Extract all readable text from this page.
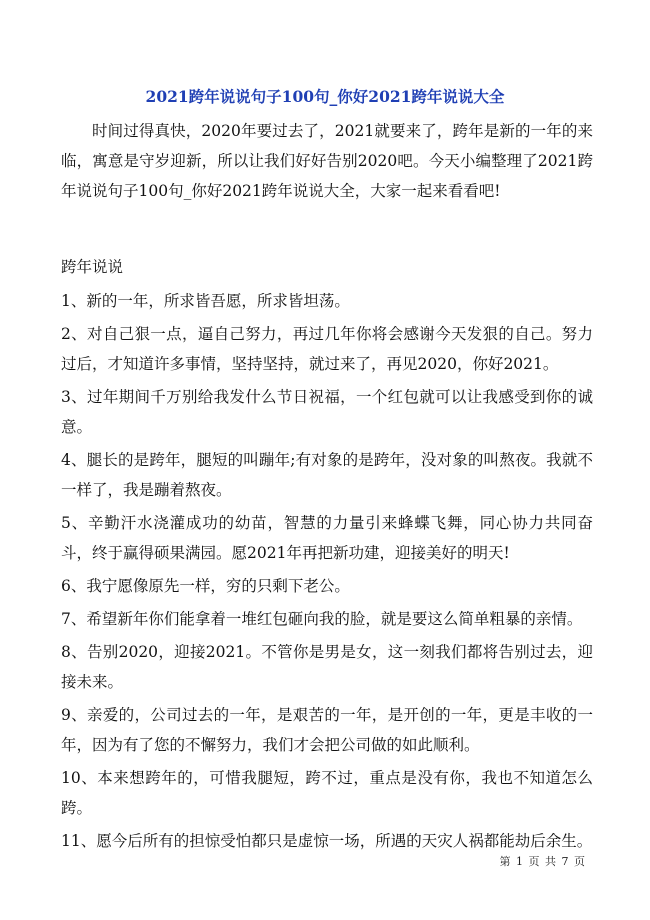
2021跨年说说句子100句_你好2021跨年说说大全
时间过得真快，2020年要过去了，2021就要来了，跨年是新的一年的来临，寓意是守岁迎新，所以让我们好好告别2020吧。今天小编整理了2021跨年说说句子100句_你好2021跨年说说大全，大家一起来看看吧!
跨年说说
1、新的一年，所求皆吾愿，所求皆坦荡。
2、对自己狠一点，逼自己努力，再过几年你将会感谢今天发狠的自己。努力过后，才知道许多事情，坚持坚持，就过来了，再见2020，你好2021。
3、过年期间千万别给我发什么节日祝福，一个红包就可以让我感受到你的诚意。
4、腿长的是跨年，腿短的叫蹦年;有对象的是跨年，没对象的叫熬夜。我就不一样了，我是蹦着熬夜。
5、辛勤汗水浇灌成功的幼苗，智慧的力量引来蜂蝶飞舞，同心协力共同奋斗，终于赢得硕果满园。愿2021年再把新功建，迎接美好的明天!
6、我宁愿像原先一样，穷的只剩下老公。
7、希望新年你们能拿着一堆红包砸向我的脸，就是要这么简单粗暴的亲情。
8、告别2020，迎接2021。不管你是男是女，这一刻我们都将告别过去，迎接未来。
9、亲爱的，公司过去的一年，是艰苦的一年，是开创的一年，更是丰收的一年，因为有了您的不懈努力，我们才会把公司做的如此顺利。
10、本来想跨年的，可惜我腿短，跨不过，重点是没有你，我也不知道怎么跨。
11、愿今后所有的担惊受怕都只是虚惊一场，所遇的天灾人祸都能劫后余生。
第 1 页 共 7 页
